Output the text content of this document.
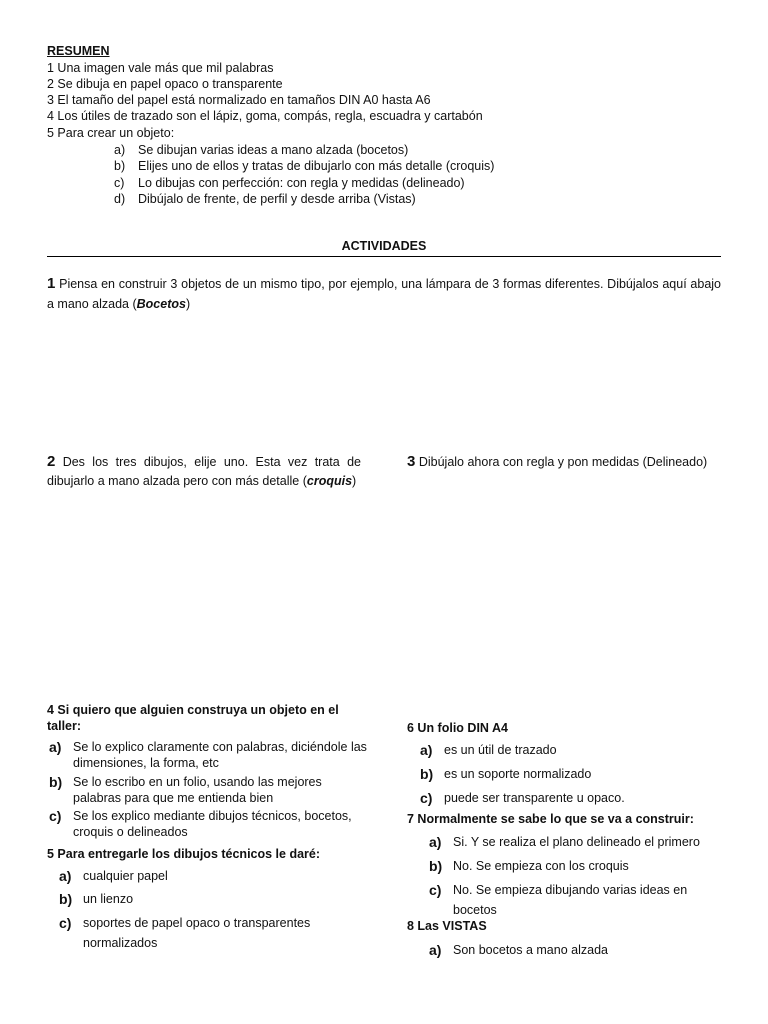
RESUMEN
1 Una imagen vale más que mil palabras
2 Se dibuja en papel opaco o transparente
3 El tamaño del papel está normalizado en tamaños DIN A0 hasta A6
4 Los útiles de trazado son el lápiz, goma, compás, regla, escuadra y cartabón
5 Para crear un objeto:
a)	Se dibujan varias ideas a mano alzada (bocetos)
b)	Elijes uno de ellos y tratas de dibujarlo con más detalle (croquis)
c)	Lo dibujas con perfección: con regla y medidas (delineado)
d)	Dibújalo de frente, de perfil y desde arriba (Vistas)
ACTIVIDADES
1 Piensa en construir 3 objetos de un mismo tipo, por ejemplo, una lámpara de 3 formas diferentes. Dibújalos aquí abajo a mano alzada (Bocetos)
2 Des los tres dibujos, elije uno. Esta vez trata de dibujarlo a mano alzada pero con más detalle (croquis)
3 Dibújalo ahora con regla y pon medidas (Delineado)
4 Si quiero que alguien construya un objeto en el taller:
a) Se lo explico claramente con palabras, diciéndole las dimensiones, la forma, etc
b) Se lo escribo en un folio, usando las mejores palabras para que me entienda bien
c) Se los explico mediante dibujos técnicos, bocetos, croquis o delineados
5 Para entregarle los dibujos técnicos le daré:
a) cualquier papel
b) un lienzo
c) soportes de papel opaco o transparentes normalizados
6 Un folio DIN A4
a) es un útil de trazado
b) es un soporte normalizado
c) puede ser transparente u opaco.
7 Normalmente se sabe lo que se va a construir:
a) Si. Y se realiza el plano delineado el primero
b) No. Se empieza con los croquis
c) No. Se empieza dibujando varias ideas en bocetos
8 Las VISTAS
a) Son bocetos a mano alzada
